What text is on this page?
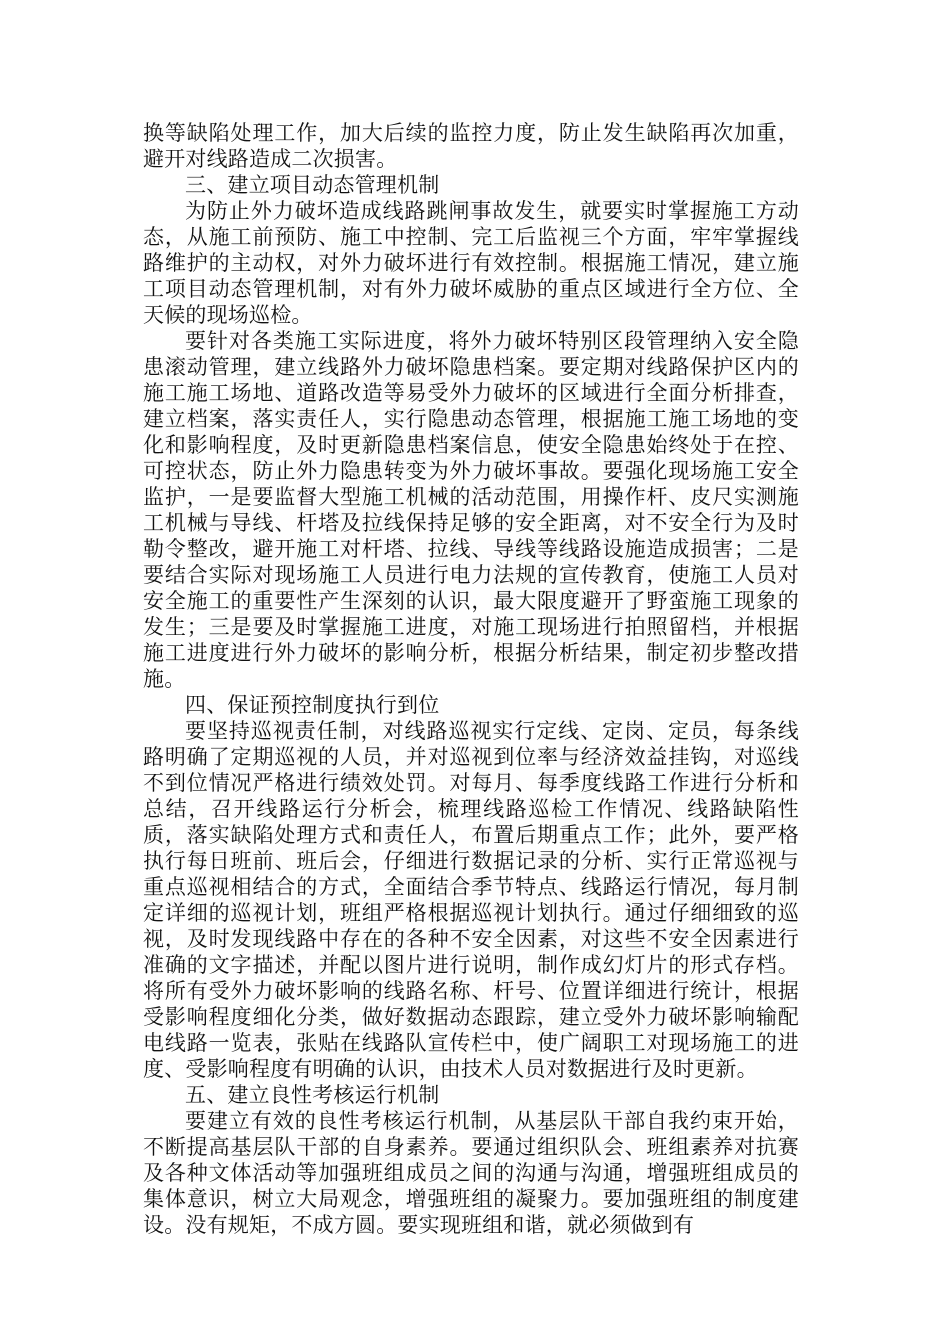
换等缺陷处理工作，加大后续的监控力度，防止发生缺陷再次加重，避开对线路造成二次损害。

三、建立项目动态管理机制

为防止外力破坏造成线路跳闸事故发生，就要实时掌握施工方动态，从施工前预防、施工中控制、完工后监视三个方面，牢牢掌握线路维护的主动权，对外力破坏进行有效控制。根据施工情况，建立施工项目动态管理机制，对有外力破坏威胁的重点区域进行全方位、全天候的现场巡检。

要针对各类施工实际进度，将外力破坏特别区段管理纳入安全隐患滚动管理，建立线路外力破坏隐患档案。要定期对线路保护区内的施工施工场地、道路改造等易受外力破坏的区域进行全面分析排查，建立档案，落实责任人，实行隐患动态管理，根据施工施工场地的变化和影响程度，及时更新隐患档案信息，使安全隐患始终处于在控、可控状态，防止外力隐患转变为外力破坏事故。要强化现场施工安全监护，一是要监督大型施工机械的活动范围，用操作杆、皮尺实测施工机械与导线、杆塔及拉线保持足够的安全距离，对不安全行为及时勒令整改，避开施工对杆塔、拉线、导线等线路设施造成损害；二是要结合实际对现场施工人员进行电力法规的宣传教育，使施工人员对安全施工的重要性产生深刻的认识，最大限度避开了野蛮施工现象的发生；三是要及时掌握施工进度，对施工现场进行拍照留档，并根据施工进度进行外力破坏的影响分析，根据分析结果，制定初步整改措施。

四、保证预控制度执行到位

要坚持巡视责任制，对线路巡视实行定线、定岗、定员，每条线路明确了定期巡视的人员，并对巡视到位率与经济效益挂钩，对巡线不到位情况严格进行绩效处罚。对每月、每季度线路工作进行分析和总结，召开线路运行分析会，梳理线路巡检工作情况、线路缺陷性质，落实缺陷处理方式和责任人，布置后期重点工作；此外，要严格执行每日班前、班后会，仔细进行数据记录的分析、实行正常巡视与重点巡视相结合的方式，全面结合季节特点、线路运行情况，每月制定详细的巡视计划，班组严格根据巡视计划执行。通过仔细细致的巡视，及时发现线路中存在的各种不安全因素，对这些不安全因素进行准确的文字描述，并配以图片进行说明，制作成幻灯片的形式存档。将所有受外力破坏影响的线路名称、杆号、位置详细进行统计，根据受影响程度细化分类，做好数据动态跟踪，建立受外力破坏影响输配电线路一览表，张贴在线路队宣传栏中，使广阔职工对现场施工的进度、受影响程度有明确的认识，由技术人员对数据进行及时更新。

五、建立良性考核运行机制

要建立有效的良性考核运行机制，从基层队干部自我约束开始，不断提高基层队干部的自身素养。要通过组织队会、班组素养对抗赛及各种文体活动等加强班组成员之间的沟通与沟通，增强班组成员的集体意识，树立大局观念，增强班组的凝聚力。要加强班组的制度建设。没有规矩，不成方圆。要实现班组和谐，就必须做到有
